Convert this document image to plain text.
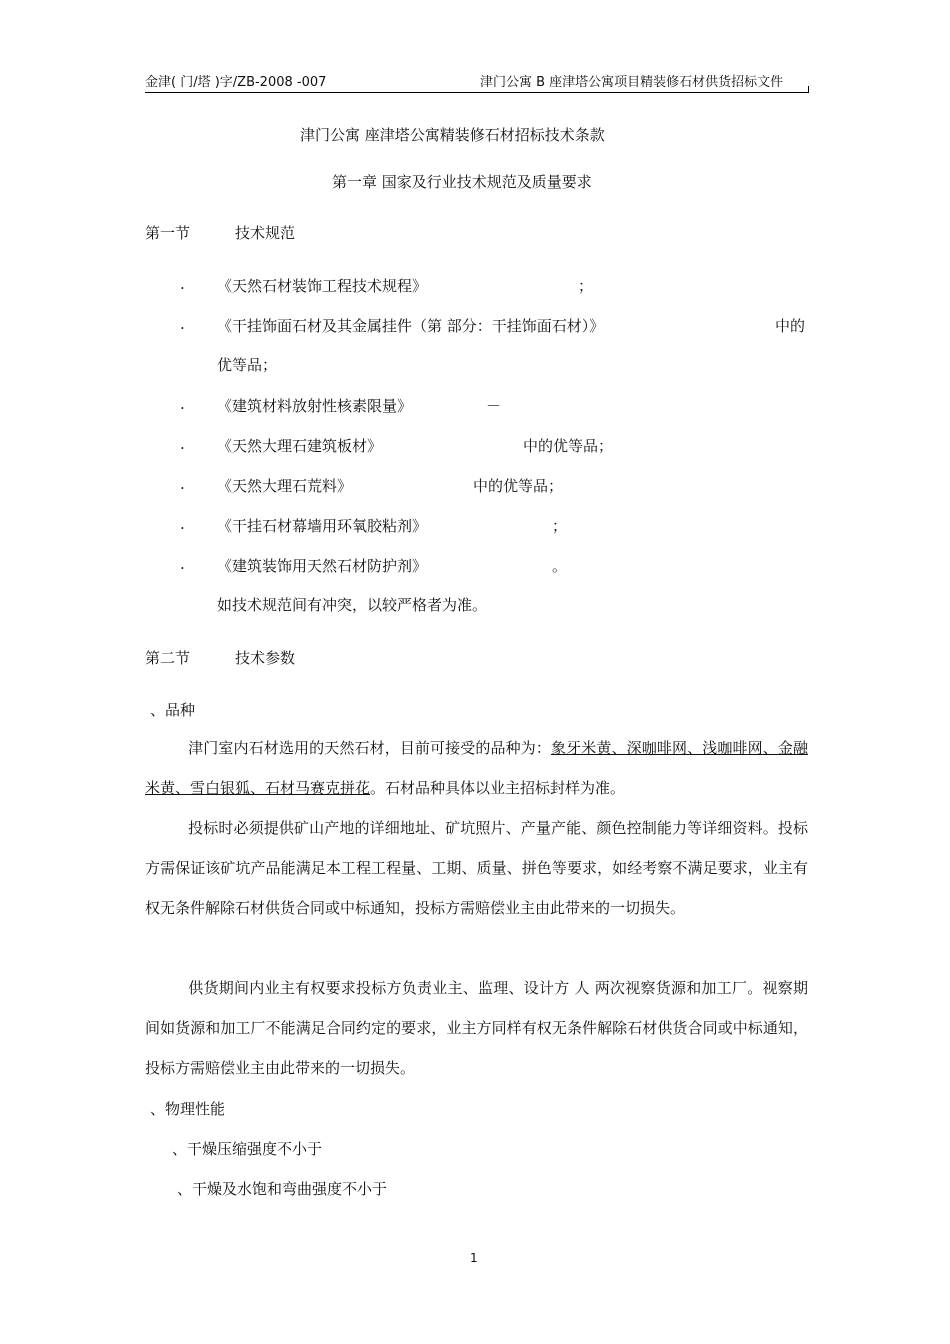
金津( 门/塔 )字/ZB-2008 -007	津门公寓 B 座津塔公寓项目精装修石材供货招标文件
津门公寓 座津塔公寓精装修石材招标技术条款
第一章 国家及行业技术规范及质量要求
第一节	技术规范
. 《天然石材装饰工程技术规程》	；
. 《干挂饰面石材及其金属挂件（第 部分：干挂饰面石材）》	中的
优等品；
. 《建筑材料放射性核素限量》	－
. 《天然大理石建筑板材》	中的优等品；
. 《天然大理石荒料》	中的优等品；
. 《干挂石材幕墙用环氧胶粘剂》	；
. 《建筑装饰用天然石材防护剂》	。
如技术规范间有冲突，以较严格者为准。
第二节	技术参数
、品种
津门室内石材选用的天然石材，目前可接受的品种为：象牙米黄、深咖啡网、浅咖啡网、金融米黄、雪白银狐、石材马赛克拼花。石材品种具体以业主招标封样为准。
投标时必须提供矿山产地的详细地址、矿坑照片、产量产能、颜色控制能力等详细资料。投标方需保证该矿坑产品能满足本工程工程量、工期、质量、拼色等要求，如经考察不满足要求，业主有权无条件解除石材供货合同或中标通知，投标方需赔偿业主由此带来的一切损失。
供货期间内业主有权要求投标方负责业主、监理、设计方 人 两次视察货源和加工厂。视察期间如货源和加工厂不能满足合同约定的要求，业主方同样有权无条件解除石材供货合同或中标通知，投标方需赔偿业主由此带来的一切损失。
、物理性能
、干燥压缩强度不小于
、干燥及水饱和弯曲强度不小于
1
